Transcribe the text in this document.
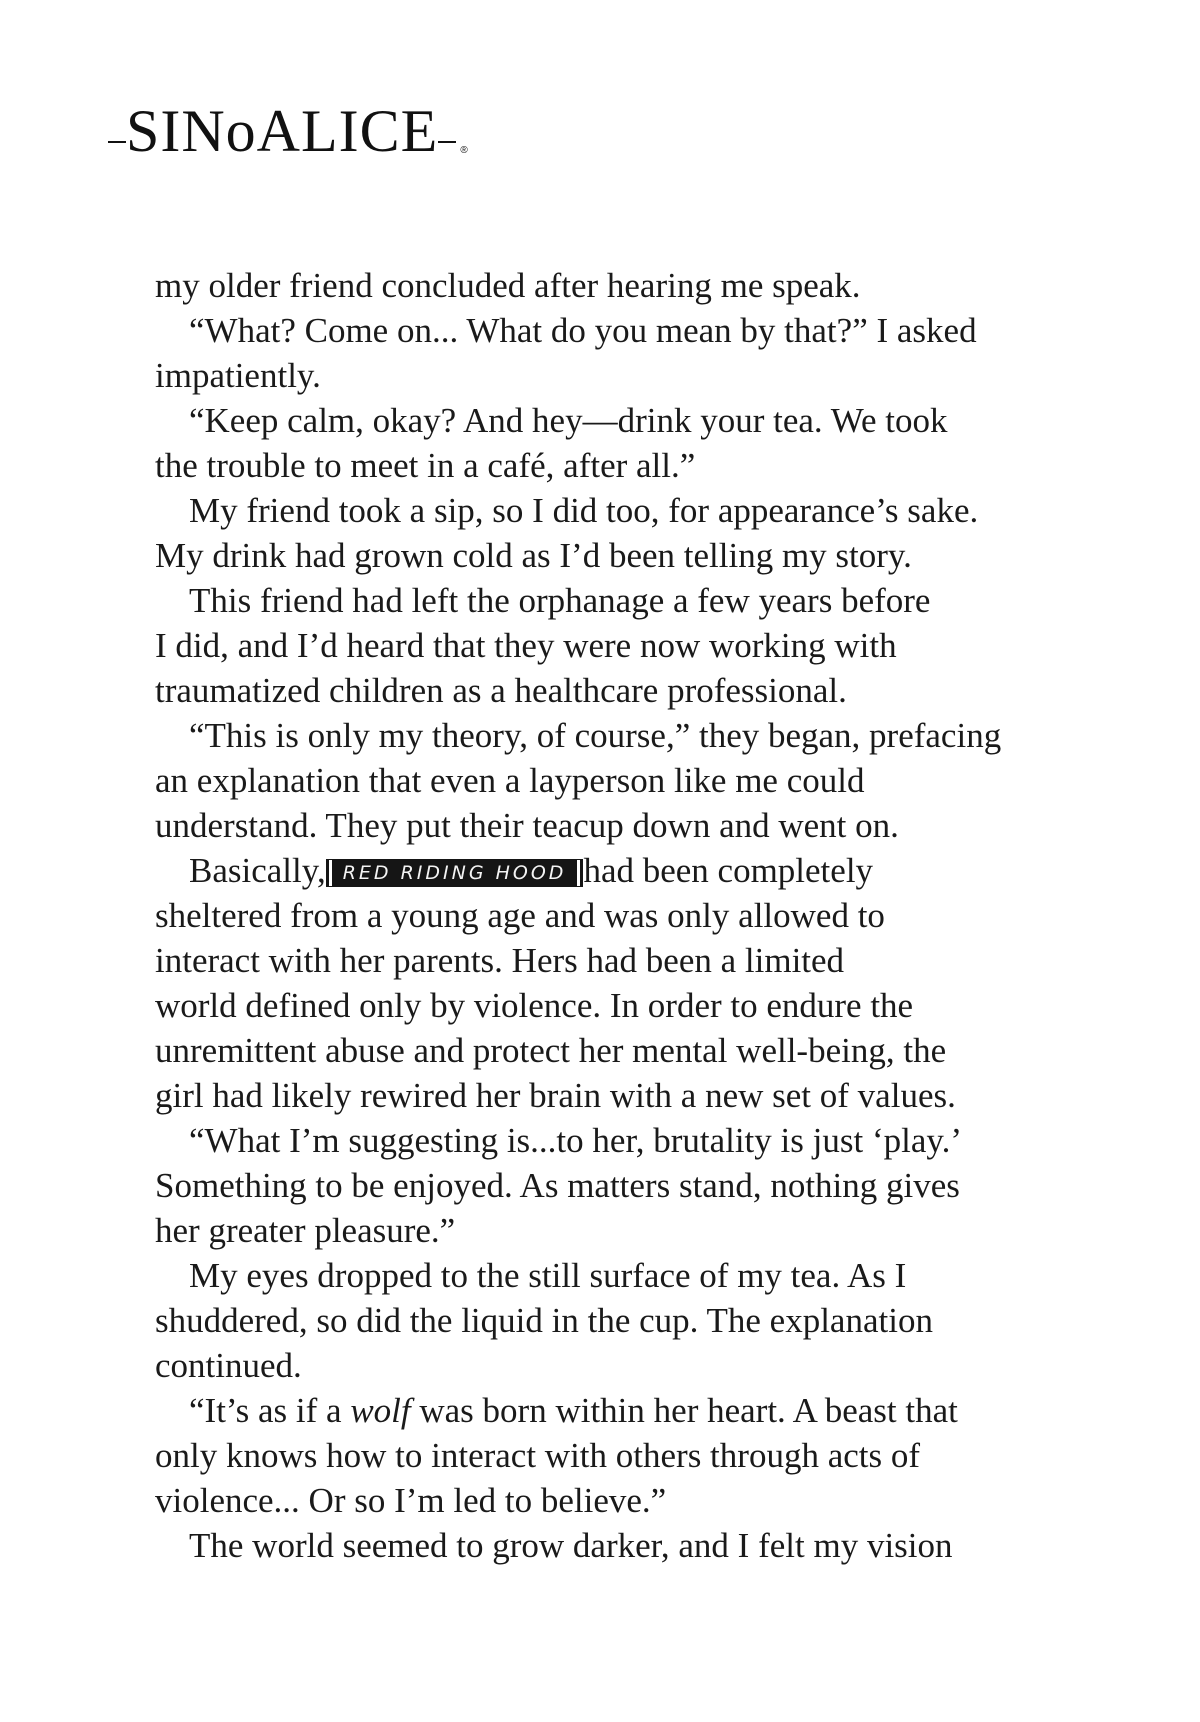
SINoALICE ®
my older friend concluded after hearing me speak.
“What? Come on... What do you mean by that?” I asked
impatiently.
“Keep calm, okay? And hey—drink your tea. We took
the trouble to meet in a café, after all.”
My friend took a sip, so I did too, for appearance’s sake.
My drink had grown cold as I’d been telling my story.
This friend had left the orphanage a few years before
I did, and I’d heard that they were now working with
traumatized children as a healthcare professional.
“This is only my theory, of course,” they began, prefacing
an explanation that even a layperson like me could
understand. They put their teacup down and went on.
Basically, RED RIDING HOOD had been completely
sheltered from a young age and was only allowed to
interact with her parents. Hers had been a limited
world defined only by violence. In order to endure the
unremittent abuse and protect her mental well-being, the
girl had likely rewired her brain with a new set of values.
“What I’m suggesting is...to her, brutality is just ‘play.’
Something to be enjoyed. As matters stand, nothing gives
her greater pleasure.”
My eyes dropped to the still surface of my tea. As I
shuddered, so did the liquid in the cup. The explanation
continued.
“It’s as if a wolf was born within her heart. A beast that
only knows how to interact with others through acts of
violence... Or so I’m led to believe.”
The world seemed to grow darker, and I felt my vision
